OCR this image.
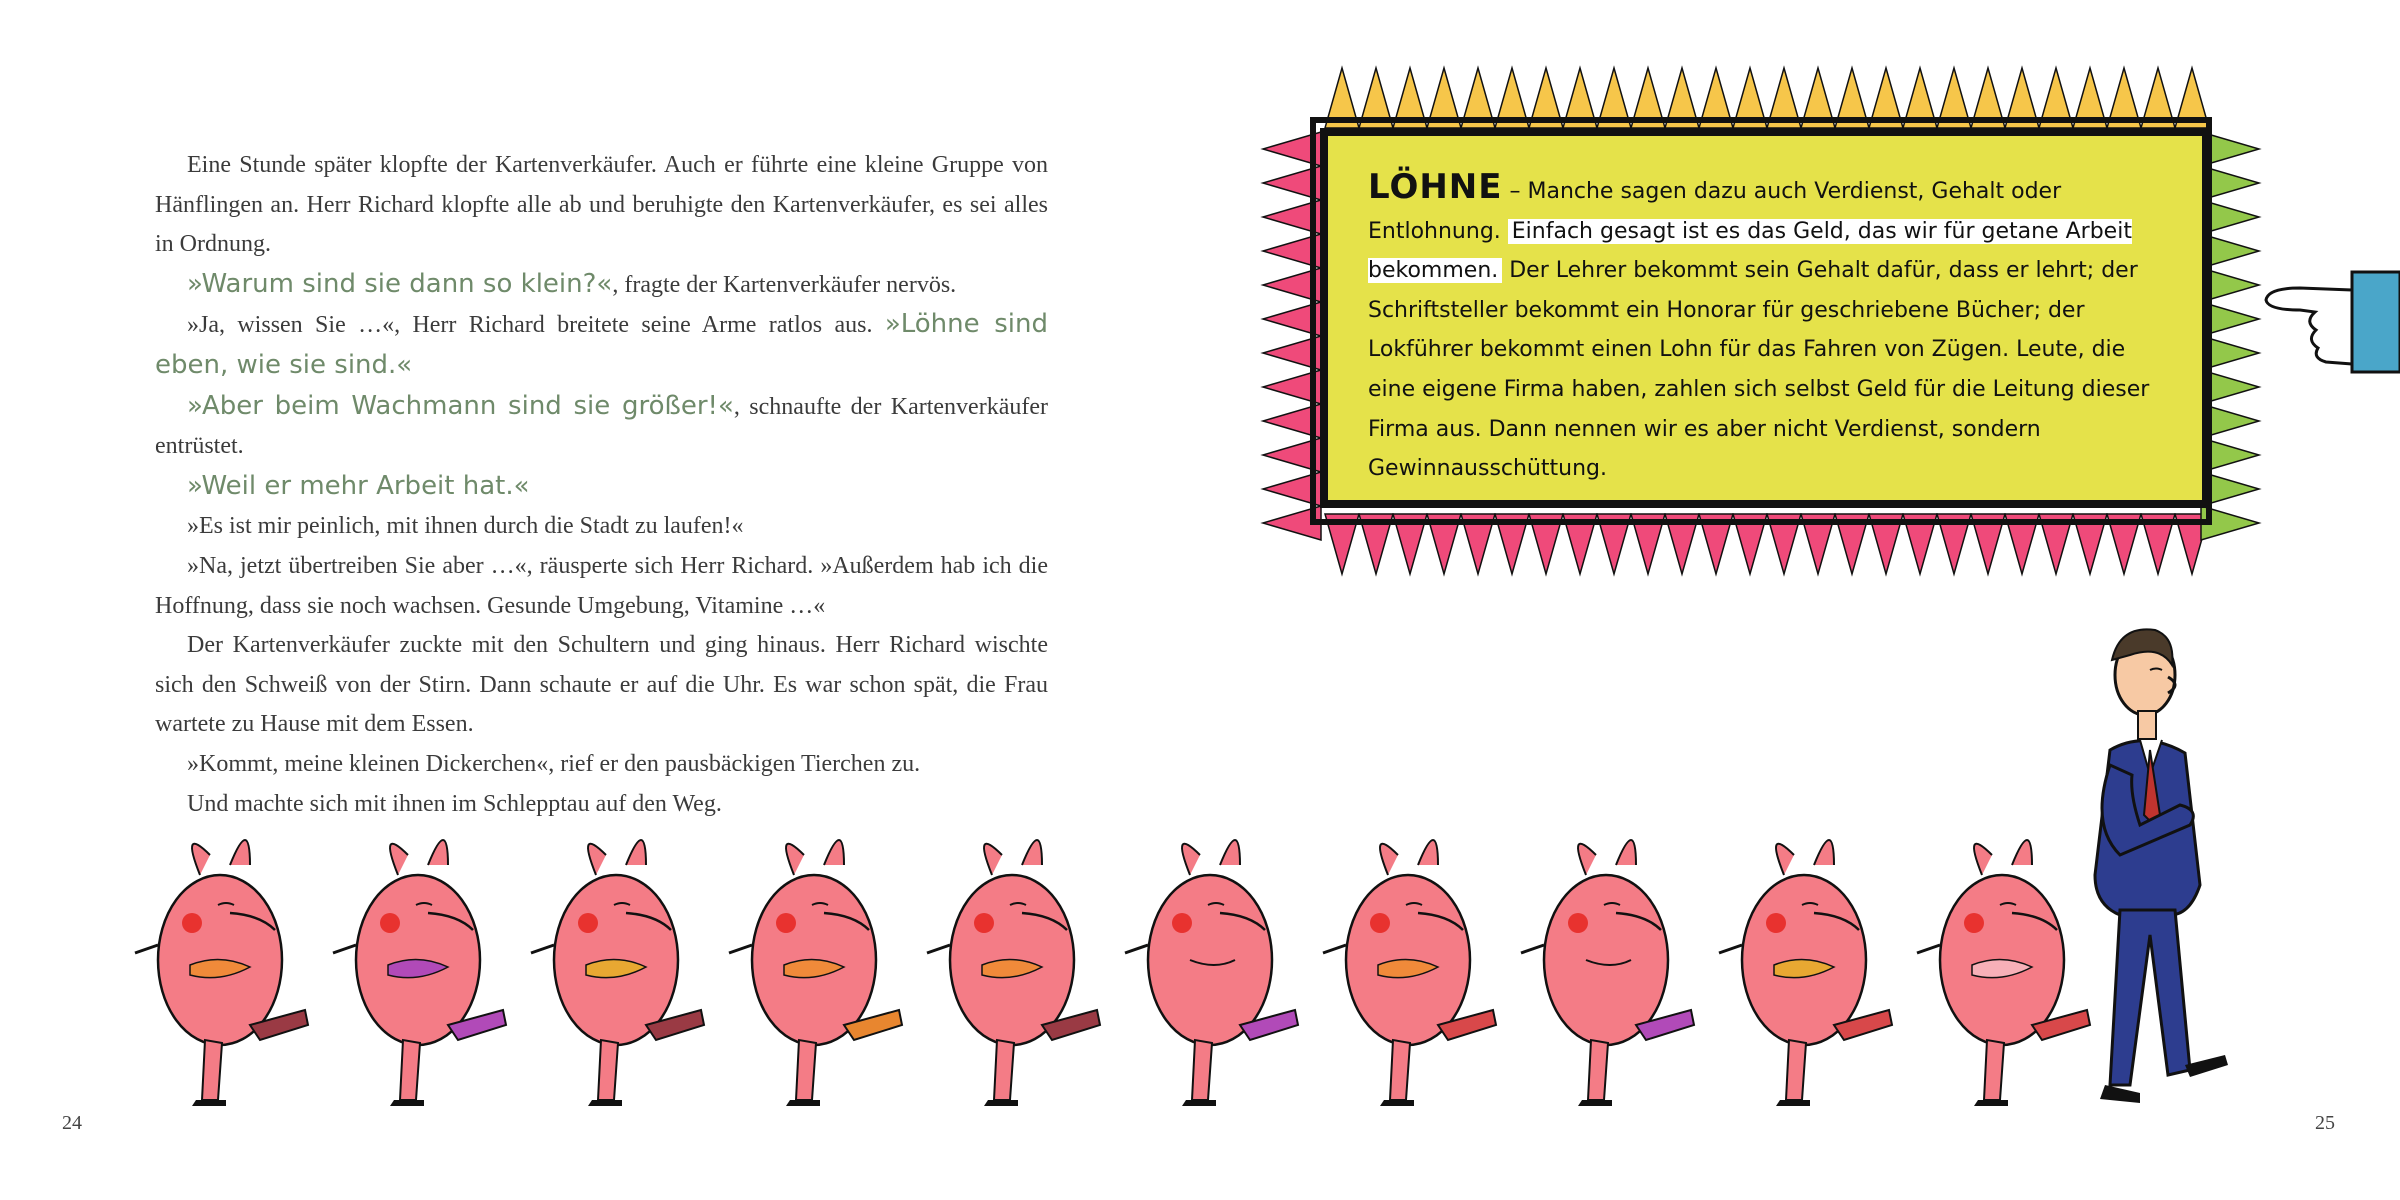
Eine Stunde später klopfte der Kartenverkäufer. Auch er führte eine kleine Gruppe von Hänflingen an. Herr Richard klopfte alle ab und beruhigte den Kartenverkäufer, es sei alles in Ordnung.

»Warum sind sie dann so klein?«, fragte der Kartenverkäufer nervös.

»Ja, wissen Sie …«, Herr Richard breitete seine Arme ratlos aus. »Löhne sind eben, wie sie sind.«

»Aber beim Wachmann sind sie größer!«, schnaufte der Kartenverkäufer entrüstet.

»Weil er mehr Arbeit hat.«

»Es ist mir peinlich, mit ihnen durch die Stadt zu laufen!«

»Na, jetzt übertreiben Sie aber …«, räusperte sich Herr Richard. »Außerdem hab ich die Hoffnung, dass sie noch wachsen. Gesunde Umgebung, Vitamine …«

Der Kartenverkäufer zuckte mit den Schultern und ging hinaus. Herr Richard wischte sich den Schweiß von der Stirn. Dann schaute er auf die Uhr. Es war schon spät, die Frau wartete zu Hause mit dem Essen.

»Kommt, meine kleinen Dickerchen«, rief er den pausbäckigen Tierchen zu.

Und machte sich mit ihnen im Schlepptau auf den Weg.

24	25
LÖHNE – Manche sagen dazu auch Verdienst, Gehalt oder Entlohnung. Einfach gesagt ist es das Geld, das wir für getane Arbeit bekommen. Der Lehrer bekommt sein Gehalt dafür, dass er lehrt; der Schriftsteller bekommt ein Honorar für geschriebene Bücher; der Lokführer bekommt einen Lohn für das Fahren von Zügen. Leute, die eine eigene Firma haben, zahlen sich selbst Geld für die Leitung dieser Firma aus. Dann nennen wir es aber nicht Verdienst, sondern Gewinnausschüttung.
